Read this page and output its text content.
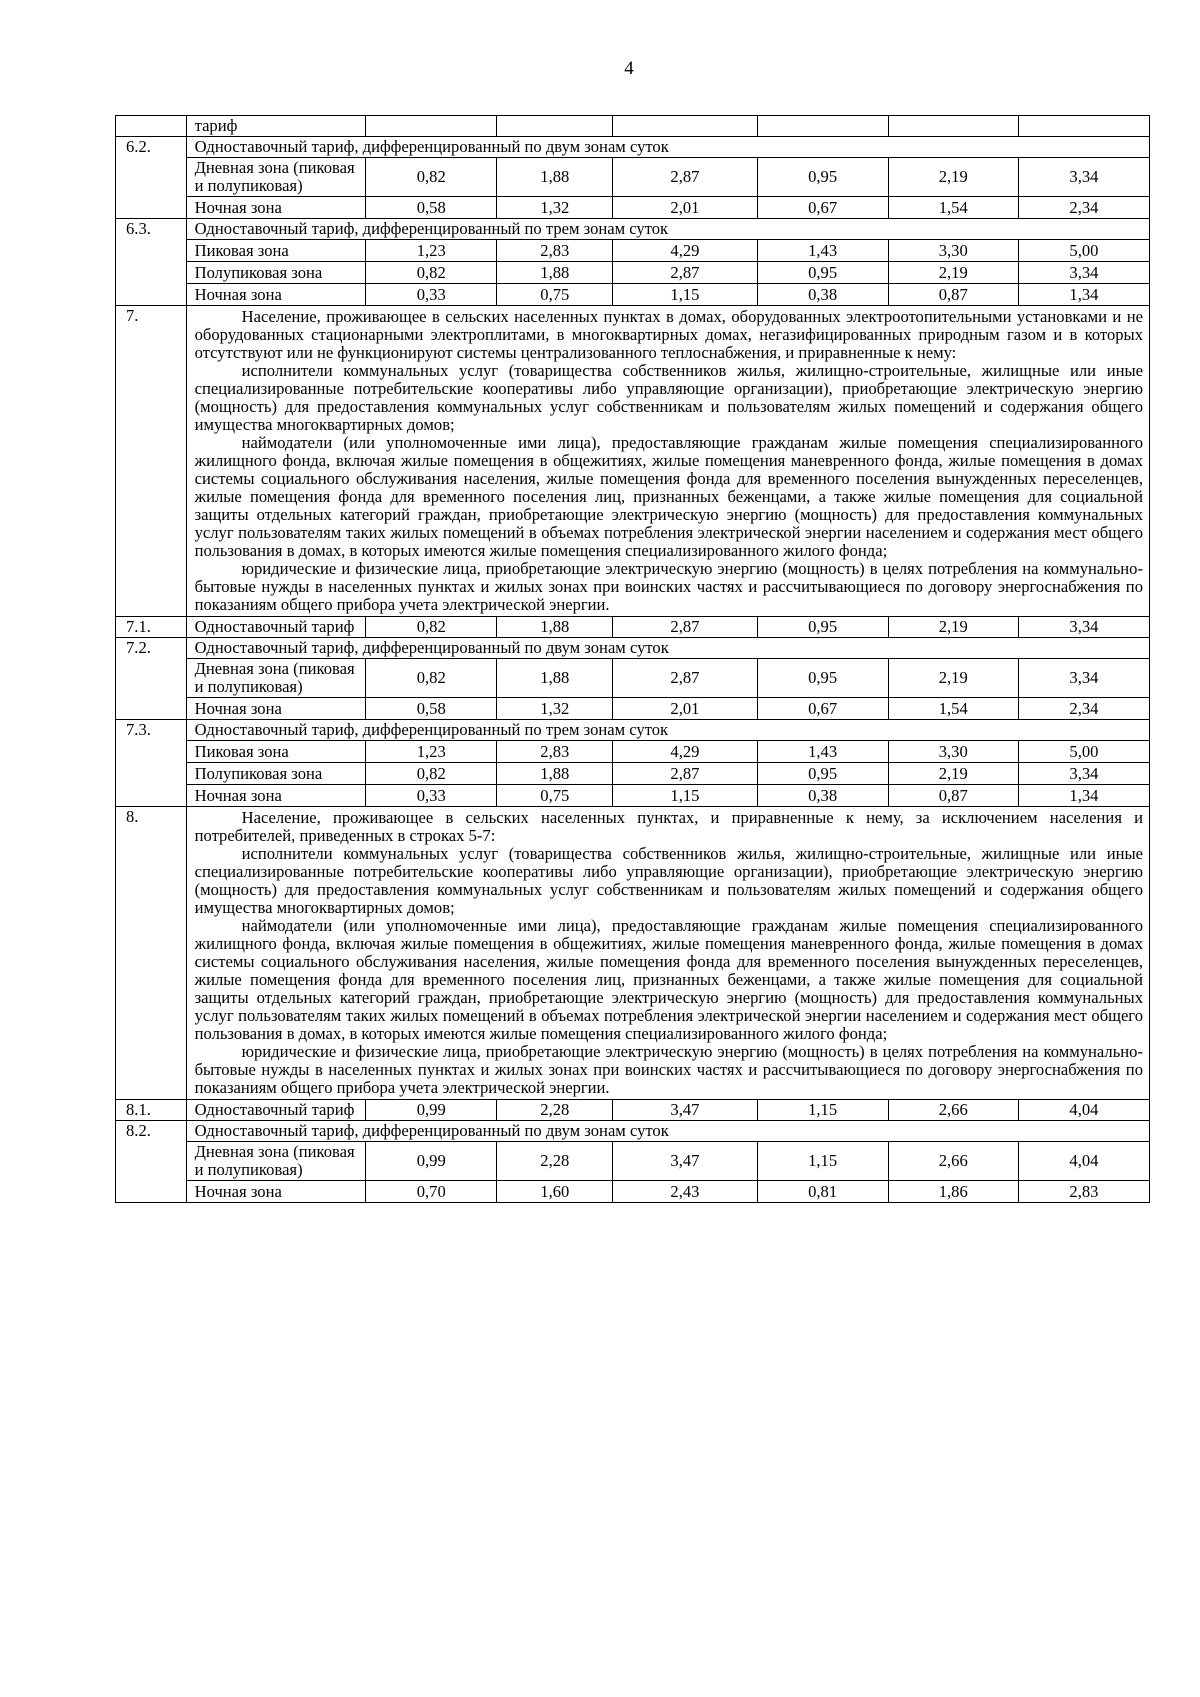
4
	тариф						
6.2.	Одноставочный тариф, дифференцированный по двум зонам суток						
	Дневная зона (пиковая и полупиковая)	0,82	1,88	2,87	0,95	2,19	3,34
	Ночная зона	0,58	1,32	2,01	0,67	1,54	2,34
6.3.	Одноставочный тариф, дифференцированный по трем зонам суток						
	Пиковая зона	1,23	2,83	4,29	1,43	3,30	5,00
	Полупиковая зона	0,82	1,88	2,87	0,95	2,19	3,34
	Ночная зона	0,33	0,75	1,15	0,38	0,87	1,34
7.	Население, проживающее в сельских населенных пунктах в домах, оборудованных электроотопительными установками и не оборудованных стационарными электроплитами, в многоквартирных домах, негазифицированных природным газом и в которых отсутствуют или не функционируют системы централизованного теплоснабжения, и приравненные к нему:
исполнители коммунальных услуг (товарищества собственников жилья, жилищно-строительные, жилищные или иные специализированные потребительские кооперативы либо управляющие организации), приобретающие электрическую энергию (мощность) для предоставления коммунальных услуг собственникам и пользователям жилых помещений и содержания общего имущества многоквартирных домов;
наймодатели (или уполномоченные ими лица), предоставляющие гражданам жилые помещения специализированного жилищного фонда, включая жилые помещения в общежитиях, жилые помещения маневренного фонда, жилые помещения в домах системы социального обслуживания населения, жилые помещения фонда для временного поселения вынужденных переселенцев, жилые помещения фонда для временного поселения лиц, признанных беженцами, а также жилые помещения для социальной защиты отдельных категорий граждан, приобретающие электрическую энергию (мощность) для предоставления коммунальных услуг пользователям таких жилых помещений в объемах потребления электрической энергии населением и содержания мест общего пользования в домах, в которых имеются жилые помещения специализированного жилого фонда;
юридические и физические лица, приобретающие электрическую энергию (мощность) в целях потребления на коммунально-бытовые нужды в населенных пунктах и жилых зонах при воинских частях и рассчитывающиеся по договору энергоснабжения по показаниям общего прибора учета электрической энергии.						

7.1.	Одноставочный тариф	0,82	1,88	2,87	0,95	2,19	3,34
7.2.	Одноставочный тариф, дифференцированный по двум зонам суток						
	Дневная зона (пиковая и полупиковая)	0,82	1,88	2,87	0,95	2,19	3,34
	Ночная зона	0,58	1,32	2,01	0,67	1,54	2,34
7.3.	Одноставочный тариф, дифференцированный по трем зонам суток						
	Пиковая зона	1,23	2,83	4,29	1,43	3,30	5,00
	Полупиковая зона	0,82	1,88	2,87	0,95	2,19	3,34
	Ночная зона	0,33	0,75	1,15	0,38	0,87	1,34
8.	Население, проживающее в сельских населенных пунктах, и приравненные к нему, за исключением населения и потребителей, приведенных в строках 5-7:
исполнители коммунальных услуг (товарищества собственников жилья, жилищно-строительные, жилищные или иные специализированные потребительские кооперативы либо управляющие организации), приобретающие электрическую энергию (мощность) для предоставления коммунальных услуг собственникам и пользователям жилых помещений и содержания общего имущества многоквартирных домов;
наймодатели (или уполномоченные ими лица), предоставляющие гражданам жилые помещения специализированного жилищного фонда, включая жилые помещения в общежитиях, жилые помещения маневренного фонда, жилые помещения в домах системы социального обслуживания населения, жилые помещения фонда для временного поселения вынужденных переселенцев, жилые помещения фонда для временного поселения лиц, признанных беженцами, а также жилые помещения для социальной защиты отдельных категорий граждан, приобретающие электрическую энергию (мощность) для предоставления коммунальных услуг пользователям таких жилых помещений в объемах потребления электрической энергии населением и содержания мест общего пользования в домах, в которых имеются жилые помещения специализированного жилого фонда;
юридические и физические лица, приобретающие электрическую энергию (мощность) в целях потребления на коммунально-бытовые нужды в населенных пунктах и жилых зонах при воинских частях и рассчитывающиеся по договору энергоснабжения по показаниям общего прибора учета электрической энергии.						

8.1.	Одноставочный тариф	0,99	2,28	3,47	1,15	2,66	4,04
8.2.	Одноставочный тариф, дифференцированный по двум зонам суток						
	Дневная зона (пиковая и полупиковая)	0,99	2,28	3,47	1,15	2,66	4,04
	Ночная зона	0,70	1,60	2,43	0,81	1,86	2,83
